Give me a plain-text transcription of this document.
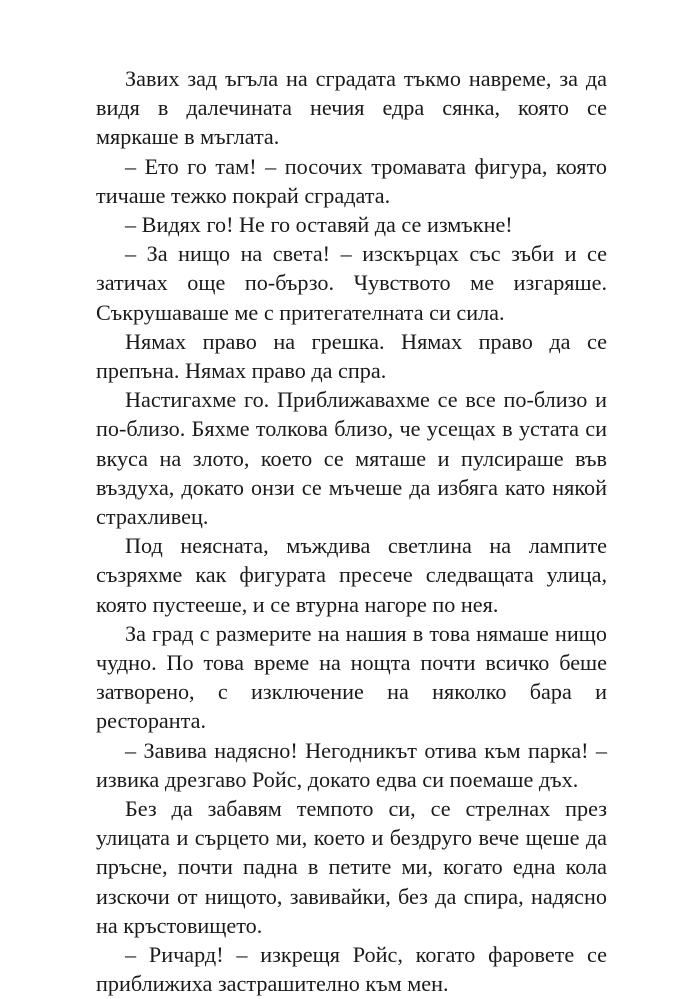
Завих зад ъгъла на сградата тъкмо навреме, за да видя в далечината нечия едра сянка, която се мяркаше в мъглата.

– Ето го там! – посочих тромавата фигура, която тичаше тежко покрай сградата.

– Видях го! Не го оставяй да се измъкне!

– За нищо на света! – изскърцах със зъби и се затичах още по-бързо. Чувството ме изгаряше. Съкрушаваше ме с притегателната си сила.

Нямах право на грешка. Нямах право да се препъна. Нямах право да спра.

Настигахме го. Приближавахме се все по-близо и по-близо. Бяхме толкова близо, че усещах в устата си вкуса на злото, което се мяташе и пулсираше във въздуха, докато онзи се мъчеше да избяга като някой страхливец.

Под неясната, мъждива светлина на лампите съзряхме как фигурата пресече следващата улица, която пустееше, и се втурна нагоре по нея.

За град с размерите на нашия в това нямаше нищо чудно. По това време на нощта почти всичко беше затворено, с изключение на няколко бара и ресторанта.

– Завива надясно! Негодникът отива към парка! – извика дрезгаво Ройс, докато едва си поемаше дъх.

Без да забавям темпото си, се стрелнах през улицата и сърцето ми, което и бездруго вече щеше да пръсне, почти падна в петите ми, когато една кола изскочи от нищото, завивайки, без да спира, надясно на кръстовището.

– Ричард! – изкрещя Ройс, когато фаровете се приближиха застрашително към мен.
